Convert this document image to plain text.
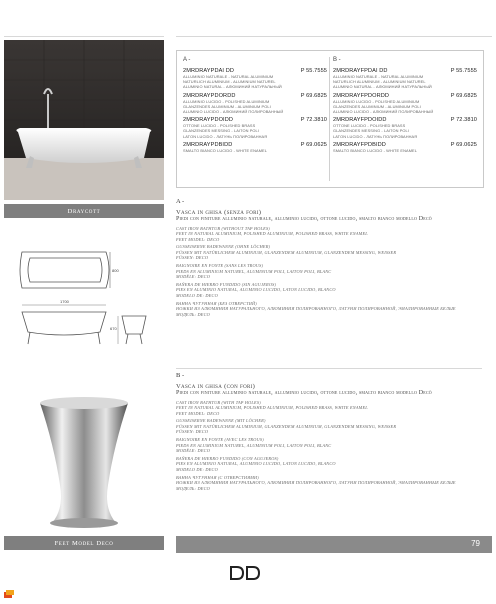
Draycott
1700
800
670
Feet Model Deco
A -
2MRDRAYPDAI DD	P 55.7555
ALLUMINIO NATURALE - NATURAL ALUMINIUM
NATURLICH ALUMINIUM - ALUMINIUM NATUREL
ALUMINIO NATURAL - АЛЮМИНИЙ НАТУРАЛЬНЫЙ
2MRDRAYPDORDD	P 69.6825
ALLUMINIO LUCIDO - POLISHED ALUMINIUM
GLANZENDES ALUMINIUM - ALUMINIUM POLI
ALUMINIO LUCIDO - АЛЮМИНИЙ ПОЛИРОВАННЫЙ
2MRDRAYPDOIDD	P 72.3810
OTTONE LUCIDO - POLISHED BRASS
GLANZENDES MESSING - LAITON POLI
LATON LUCIDO - ЛАТУНЬ ПОЛИРОВАННАЯ
2MRDRAYPDBIDD	P 69.0625
SMALTO BIANCO LUCIDO - WHITE ENAMEL
B -
2MRDRAYFPDAI DD	P 55.7555
ALLUMINIO NATURALE - NATURAL ALUMINIUM
NATURLICH ALUMINIUM - ALUMINIUM NATUREL
ALUMINIO NATURAL - АЛЮМИНИЙ НАТУРАЛЬНЫЙ
2MRDRAYFPDORDD	P 69.6825
ALLUMINIO LUCIDO - POLISHED ALUMINIUM
GLANZENDES ALUMINIUM - ALUMINIUM POLI
ALUMINIO LUCIDO - АЛЮМИНИЙ ПОЛИРОВАННЫЙ
2MRDRAYFPDOIDD	P 72.3810
OTTONE LUCIDO - POLISHED BRASS
GLANZENDES MESSING - LAITON POLI
LATON LUCIDO - ЛАТУНЬ ПОЛИРОВАННАЯ
2MRDRAYFPDBIDD	P 69.0625
SMALTO BIANCO LUCIDO - WHITE ENAMEL
A -
Vasca in ghisa (senza fori)
Piedi con finiture alluminio naturale, alluminio lucido, ottone lucido, smalto bianco modello Decò
CAST IRON BATHTUB (WITHOUT TAP HOLES)
FEET IN NATURAL ALUMINIUM, POLISHED ALUMINIUM, POLISHED BRASS, WHITE ENAMEL
FEET MODEL: DECO
GUSSEISERNE BADEWANNE (OHNE LÖCHER)
FÜSSEN MIT NATÜRLICHEM ALUMINIUM, GLANZENDEM ALUMINIUM, GLANZENDEM MESSING, WEISSER
FÜSSEN: DECO
BAIGNOIRE EN FONTE (SANS LES TROUS)
PIEDS EN ALUMINIUM NATUREL, ALUMINIUM POLI, LAITON POLI, BLANC
MODÈLE: DECO
BAÑERA DE HIERRO FUNDIDO (SIN AGUJEROS)
PIES EN ALUMINIO NATURAL, ALUMINIO LUCIDO, LATON LUCIDO, BLANCO
MODELO DE: DECO
ВАННА ЧУГУННАЯ (БЕЗ ОТВЕРСТИЙ)
НОЖКИ ИЗ АЛЮМИНИЯ НАТУРАЛЬНОГО, АЛЮМИНИЯ ПОЛИРОВАННОГО, ЛАТУНИ ПОЛИРОВАННОЙ, ЭМАЛИРОВАННЫЕ БЕЛЫЕ
МОДЕЛЬ: DECO
B -
Vasca in ghisa (con fori)
Piedi con finiture alluminio naturale, alluminio lucido, ottone lucido, smalto bianco modello Decò
CAST IRON BATHTUB (WITH TAP HOLES)
FEET IN NATURAL ALUMINIUM, POLISHED ALUMINIUM, POLISHED BRASS, WHITE ENAMEL
FEET MODEL: DECO
GUSSEISERNE BADEWANNE (MIT LÖCHER)
FÜSSEN MIT NATÜRLICHEM ALUMINIUM, GLANZENDEM ALUMINIUM, GLANZENDEM MESSING, WEISSER
FÜSSEN: DECO
BAIGNOIRE EN FONTE (AVEC LES TROUS)
PIEDS EN ALUMINIUM NATUREL, ALUMINIUM POLI, LAITON POLI, BLANC
MODÈLE: DECO
BAÑERA DE HIERRO FUNDIDO (CON AGUJEROS)
PIES EN ALUMINIO NATURAL, ALUMINIO LUCIDO, LATON LUCIDO, BLANCO
MODELO DE: DECO
ВАННА ЧУГУННАЯ (С ОТВЕРСТИЯМИ)
НОЖКИ ИЗ АЛЮМИНИЯ НАТУРАЛЬНОГО, АЛЮМИНИЯ ПОЛИРОВАННОГО, ЛАТУНИ ПОЛИРОВАННОЙ, ЭМАЛИРОВАННЫЕ БЕЛЫЕ
МОДЕЛЬ: DECO
79
